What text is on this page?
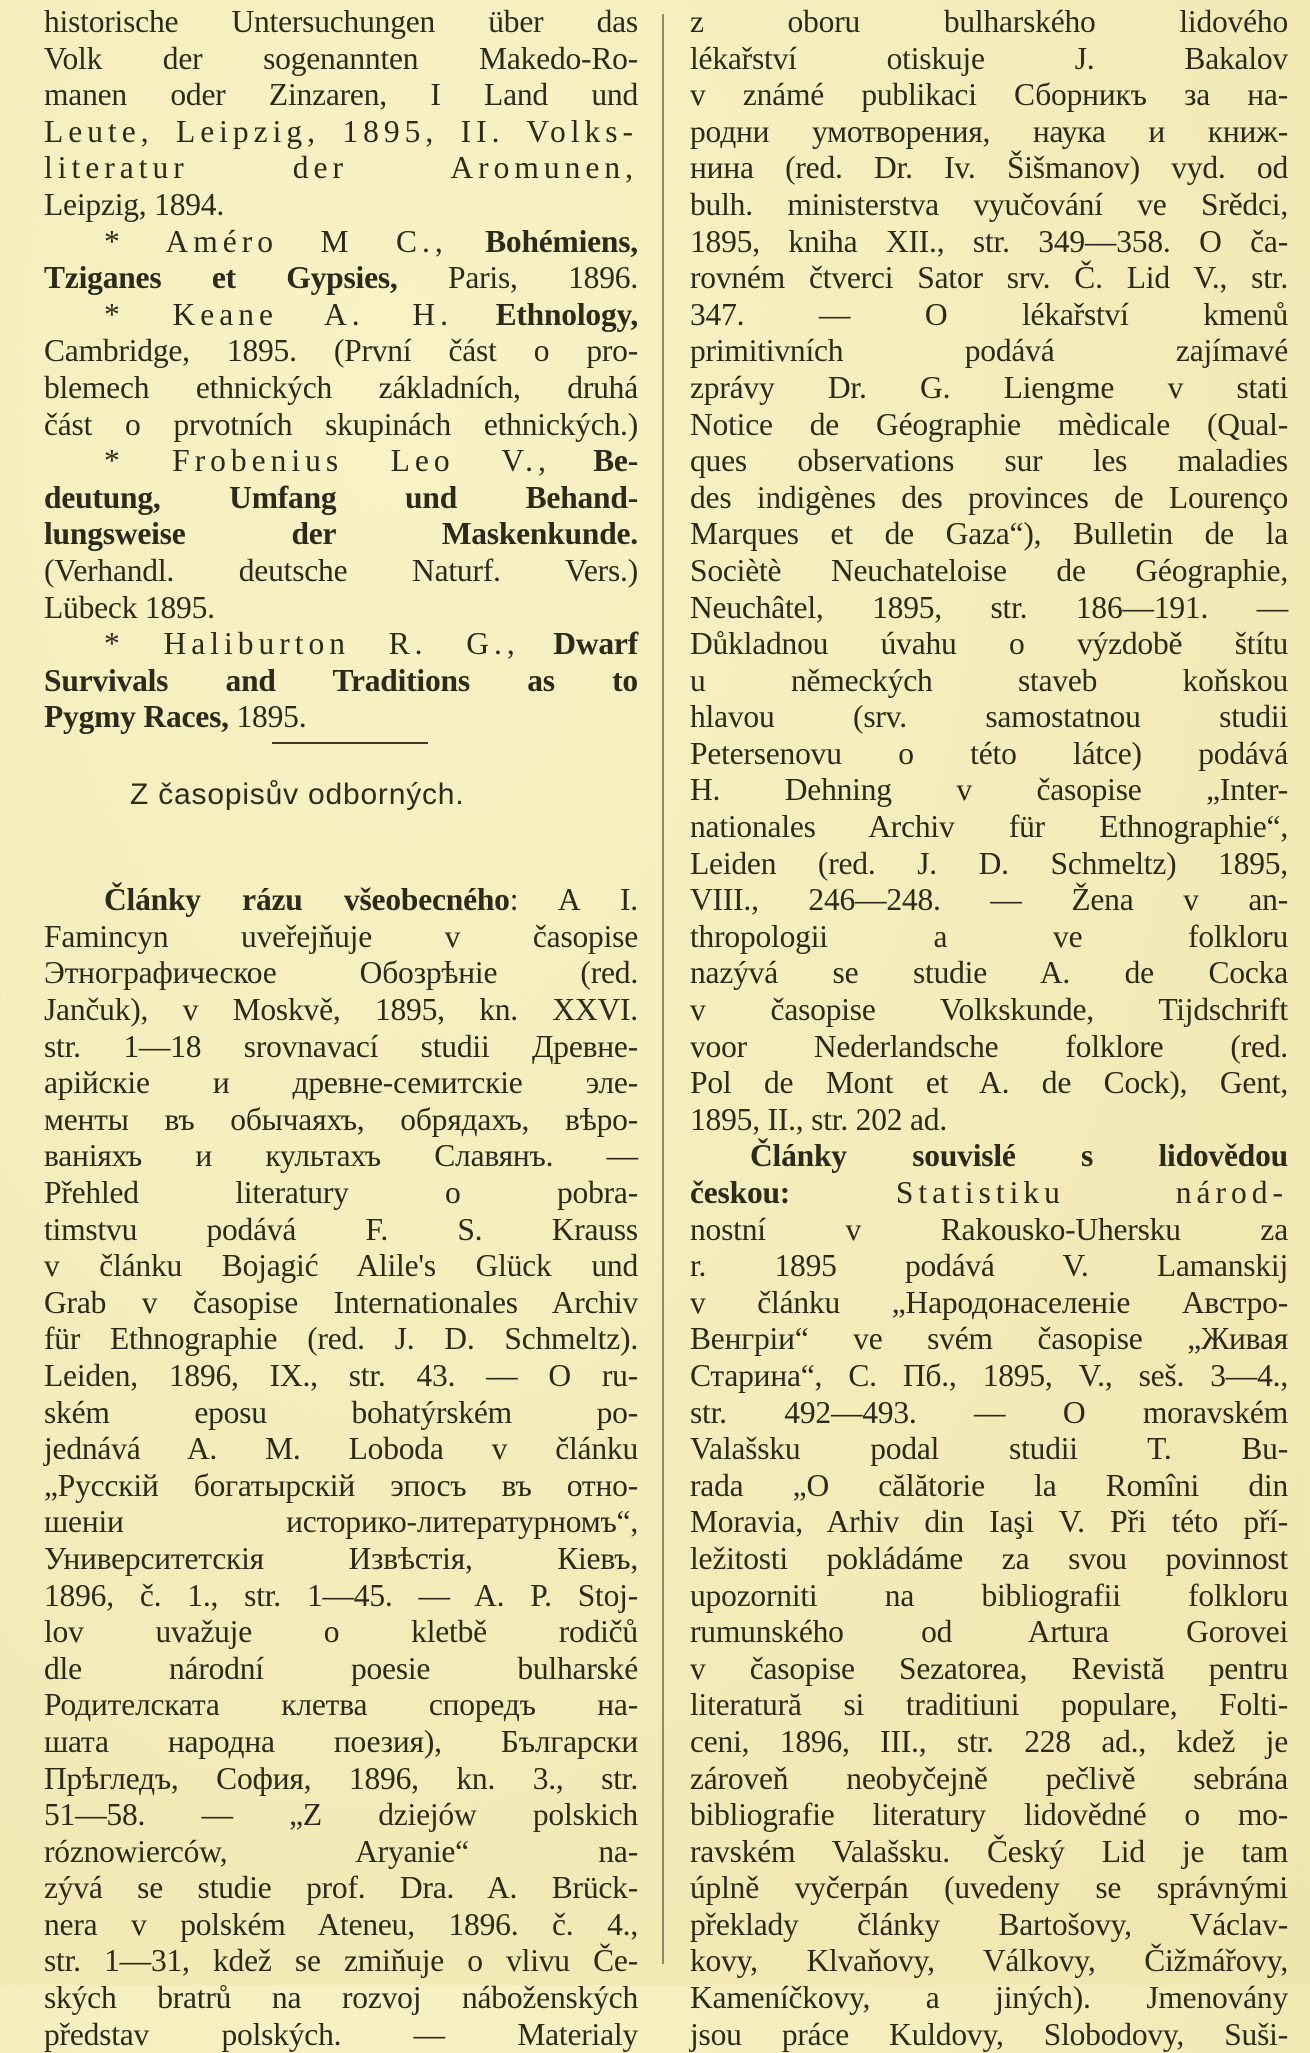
historische Untersuchungen über das
Volk der sogenannten Makedo-Ro-
manen oder Zinzaren, I Land und
Leute, Leipzig, 1895, II. Volks-
literatur der Aromunen,
Leipzig, 1894.
* Améro M C., Bohémiens,
Tziganes et Gypsies, Paris, 1896.
* Keane A. H. Ethnology,
Cambridge, 1895. (První část o pro-
blemech ethnických základních, druhá
část o prvotních skupinách ethnických.)
* Frobenius Leo V., Be-
deutung, Umfang und Behand-
lungsweise der Maskenkunde.
(Verhandl. deutsche Naturf. Vers.)
Lübeck 1895.
* Haliburton R. G., Dwarf
Survivals and Traditions as to
Pygmy Races, 1895.
Články rázu všeobecného: A I.
Famincyn uveřejňuje v časopise
Этнографическое Обозрѣніе (red.
Jančuk), v Moskvě, 1895, kn. XXVI.
str. 1—18 srovnavací studii Древне-
арійскіе и древне-семитскіе эле-
менты въ обычаяхъ, обрядахъ, вѣро-
ваніяхъ и культахъ Славянъ. —
Přehled literatury o pobra-
timstvu podává F. S. Krauss
v článku Bojagić Alile's Glück und
Grab v časopise Internationales Archiv
für Ethnographie (red. J. D. Schmeltz).
Leiden, 1896, IX., str. 43. — O ru-
ském eposu bohatýrském po-
jednává A. M. Loboda v článku
„Русскій богатырскій эпосъ въ отно-
шеніи историко-литературномъ“,
Университетскія Извѣстія, Кіевъ,
1896, č. 1., str. 1—45. — A. P. Stoj-
lov uvažuje o kletbě rodičů
dle národní poesie bulharské
Родителската клетва споредъ на-
шата народна поезия), Български
Прѣгледъ, София, 1896, kn. 3., str.
51—58. — „Z dziejów polskich
róznowierców, Aryanie“ na-
zývá se studie prof. Dra. A. Brück-
nera v polském Ateneu, 1896. č. 4.,
str. 1—31, kdež se zmiňuje o vlivu Če-
ských bratrů na rozvoj náboženských
představ polských. — Materialy
Z časopisův odborných.
z oboru bulharského lidového
lékařství otiskuje J. Bakalov
v známé publikaci Сборникъ за на-
родни умотворения, наука и книж-
нина (red. Dr. Iv. Šišmanov) vyd. od
bulh. ministerstva vyučování ve Srědci,
1895, kniha XII., str. 349—358. O ča-
rovném čtverci Sator srv. Č. Lid V., str.
347. — O lékařství kmenů
primitivních podává zajímavé
zprávy Dr. G. Liengme v stati
Notice de Géographie mèdicale (Qual-
ques observations sur les maladies
des indigènes des provinces de Lourenço
Marques et de Gaza“), Bulletin de la
Sociètè Neuchateloise de Géographie,
Neuchâtel, 1895, str. 186—191. —
Důkladnou úvahu o výzdobě štítu
u německých staveb koňskou
hlavou (srv. samostatnou studii
Petersenovu o této látce) podává
H. Dehning v časopise „Inter-
nationales Archiv für Ethnographie“,
Leiden (red. J. D. Schmeltz) 1895,
VIII., 246—248. — Žena v an-
thropologii a ve folkloru
nazývá se studie A. de Cocka
v časopise Volkskunde, Tijdschrift
voor Nederlandsche folklore (red.
Pol de Mont et A. de Cock), Gent,
1895, II., str. 202 ad.
Články souvislé s lidovědou
českou:	Statistiku národ-
nostní v Rakousko-Uhersku za
r. 1895 podává V. Lamanskij
v článku „Народонаселеніе Австро-
Венгріи“ ve svém časopise „Живая
Старина“, С. Пб., 1895, V., seš. 3—4.,
str. 492—493. — O moravském
Valašsku podal studii T. Bu-
rada „O călătorie la Romîni din
Moravia, Arhiv din Iaşi V. Při této pří-
ležitosti pokládáme za svou povinnost
upozorniti na bibliografii folkloru
rumunského od Artura Gorovei
v časopise Sezatorea, Revistă pentru
literatură si traditiuni populare, Folti-
ceni, 1896, III., str. 228 ad., kdež je
zároveň neobyčejně pečlivě sebrána
bibliografie literatury lidovědné o mo-
ravském Valašsku. Český Lid je tam
úplně vyčerpán (uvedeny se správnými
překlady články Bartošovy, Václav-
kovy, Klvaňovy, Válkovy, Čižmářovy,
Kameníčkovy, a jiných). Jmenovány
jsou práce Kuldovy, Slobodovy, Suši-
